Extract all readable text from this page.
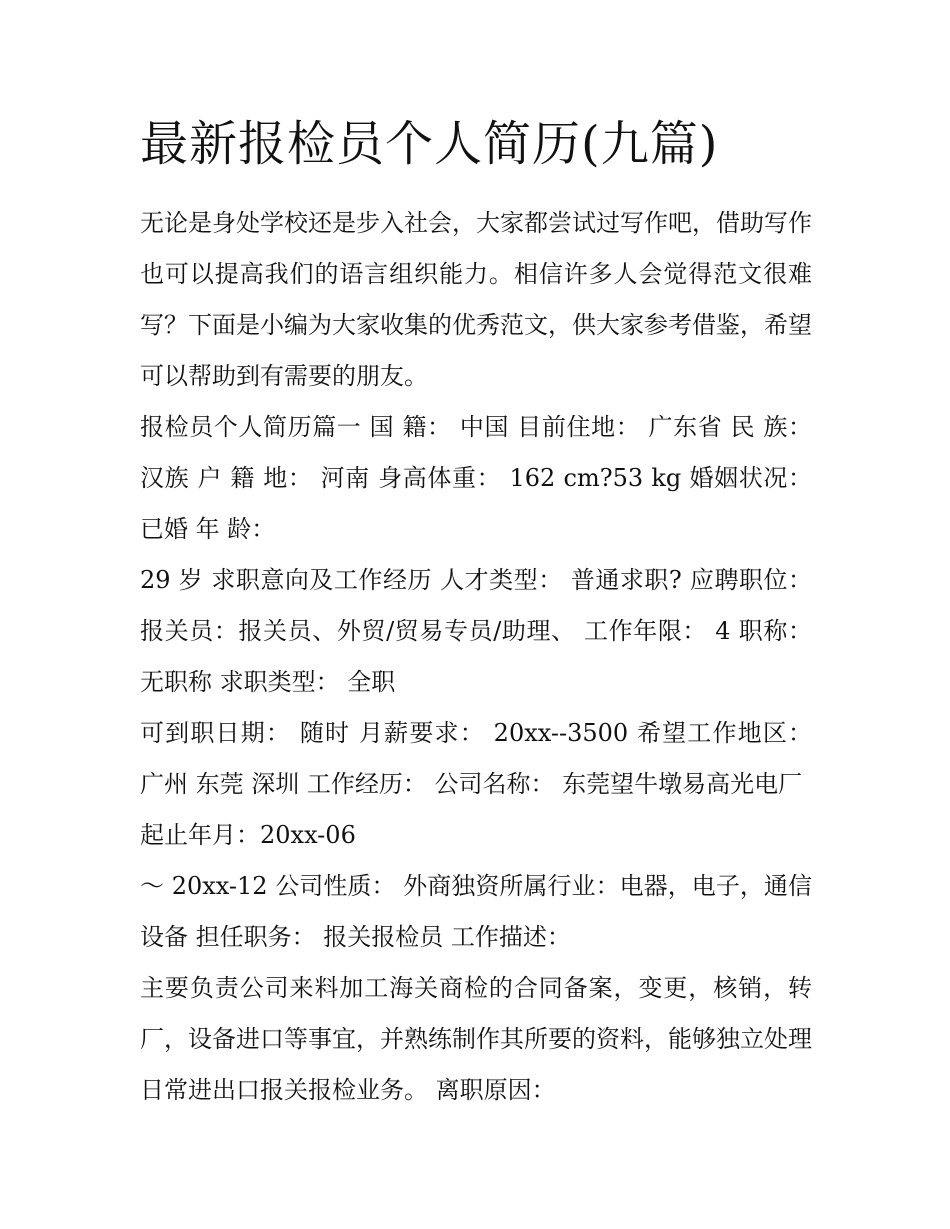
最新报检员个人简历(九篇)

无论是身处学校还是步入社会，大家都尝试过写作吧，借助写作也可以提高我们的语言组织能力。相信许多人会觉得范文很难写？下面是小编为大家收集的优秀范文，供大家参考借鉴，希望可以帮助到有需要的朋友。

报检员个人简历篇一 国 籍： 中国 目前住地： 广东省 民 族： 汉族 户 籍 地： 河南 身高体重： 162 cm?53 kg 婚姻状况： 已婚 年 龄：

29 岁 求职意向及工作经历 人才类型： 普通求职? 应聘职位： 报关员：报关员、外贸/贸易专员/助理、 工作年限： 4 职称： 无职称 求职类型： 全职

可到职日期： 随时 月薪要求： 20xx--3500 希望工作地区： 广州 东莞 深圳 工作经历： 公司名称： 东莞望牛墩易高光电厂

起止年月：20xx-06

～ 20xx-12 公司性质： 外商独资所属行业：电器，电子，通信设备 担任职务： 报关报检员 工作描述：

主要负责公司来料加工海关商检的合同备案，变更，核销，转厂，设备进口等事宜，并熟练制作其所要的资料，能够独立处理日常进出口报关报检业务。 离职原因：
